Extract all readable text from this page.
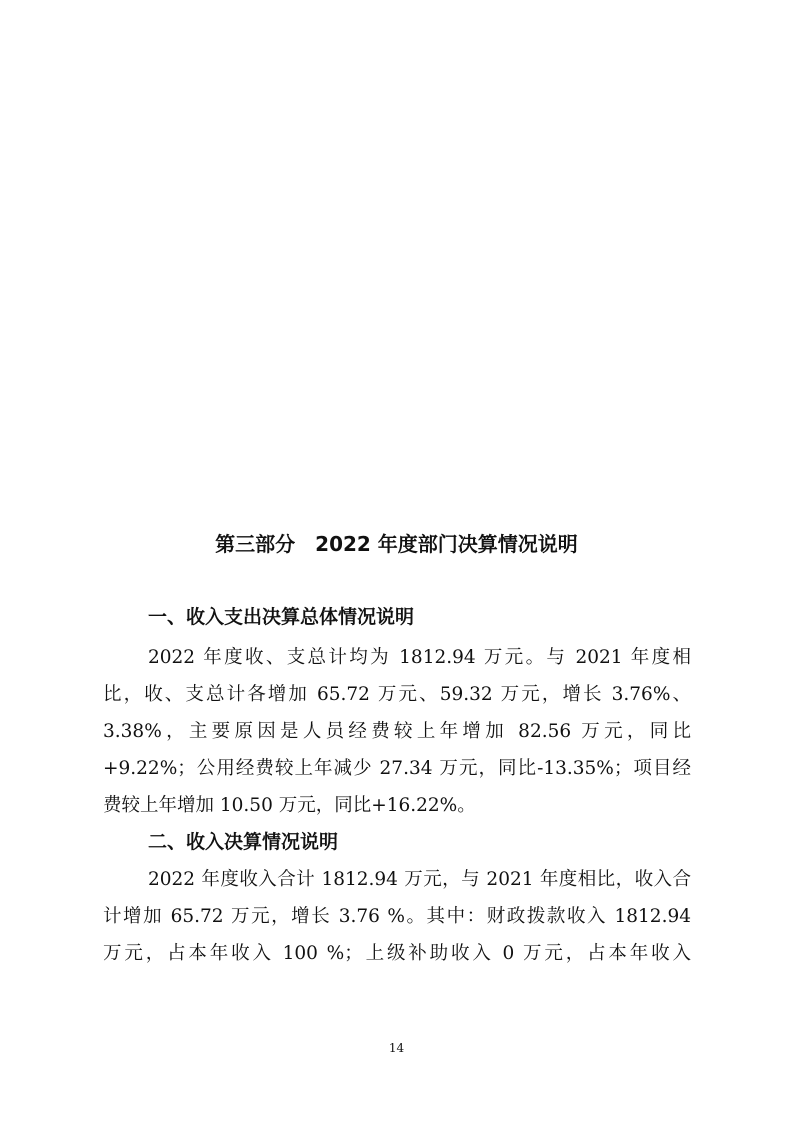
第三部分　2022 年度部门决算情况说明
一、收入支出决算总体情况说明
2022 年度收、支总计均为 1812.94 万元。与 2021 年度相
比，收、支总计各增加 65.72 万元、59.32 万元，增长 3.76%、
3.38%，主要原因是人员经费较上年增加 82.56 万元，同比
+9.22%；公用经费较上年减少 27.34 万元，同比-13.35%；项目经
费较上年增加 10.50 万元，同比+16.22%。
二、收入决算情况说明
2022 年度收入合计 1812.94 万元，与 2021 年度相比，收入合
计增加 65.72 万元，增长 3.76 %。其中：财政拨款收入 1812.94
万元，占本年收入 100 %；上级补助收入 0 万元，占本年收入
14
